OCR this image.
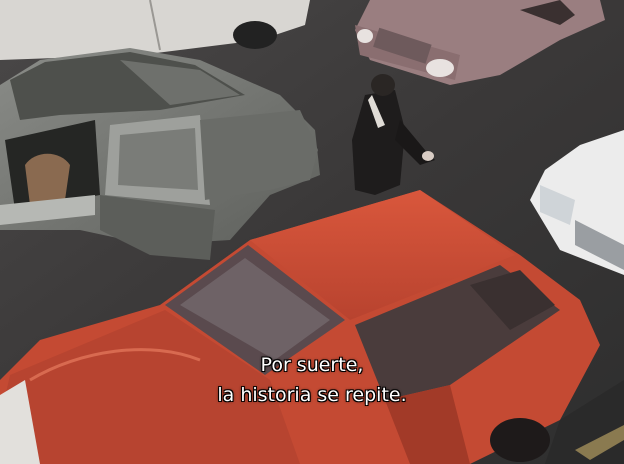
Por suerte,
la historia se repite.
